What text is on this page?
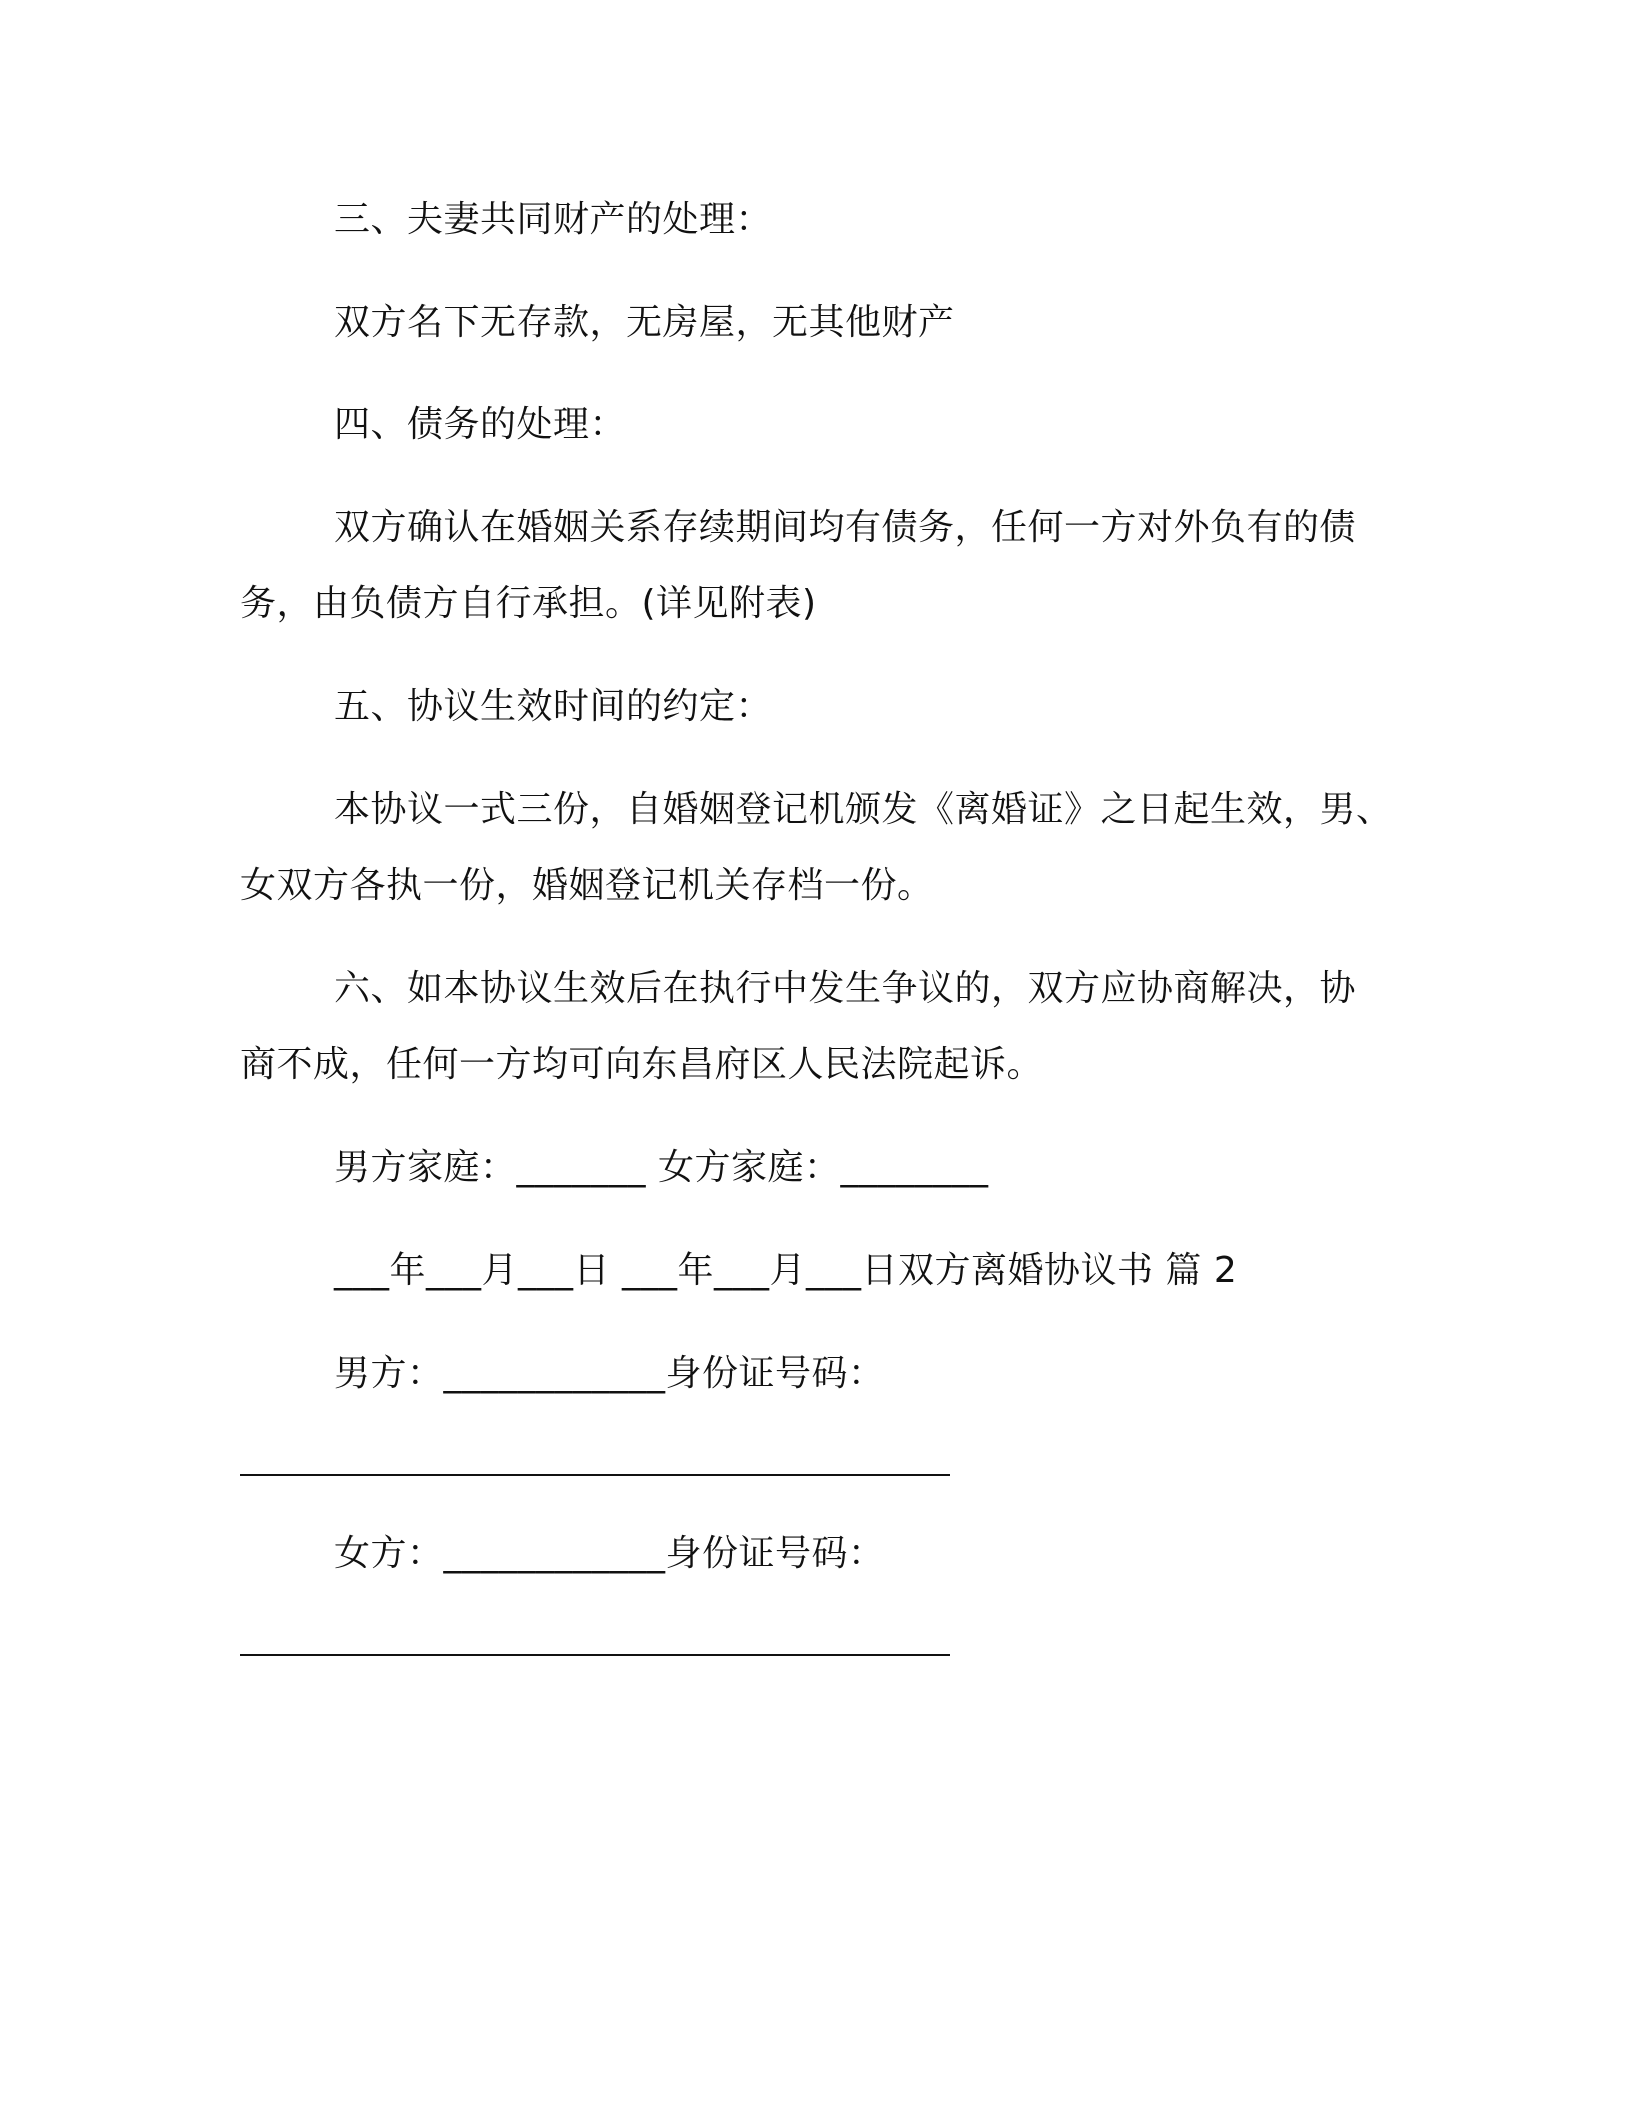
三、夫妻共同财产的处理：
双方名下无存款，无房屋，无其他财产
四、债务的处理：
双方确认在婚姻关系存续期间均有债务，任何一方对外负有的债
务，由负债方自行承担。(详见附表)
五、协议生效时间的约定：
本协议一式三份，自婚姻登记机颁发《离婚证》之日起生效，男、
女双方各执一份，婚姻登记机关存档一份。
六、如本协议生效后在执行中发生争议的，双方应协商解决，协
商不成，任何一方均可向东昌府区人民法院起诉。
男方家庭：_______ 女方家庭：________
___年___月___日 ___年___月___日双方离婚协议书 篇 2
男方：____________身份证号码：
女方：____________身份证号码：
